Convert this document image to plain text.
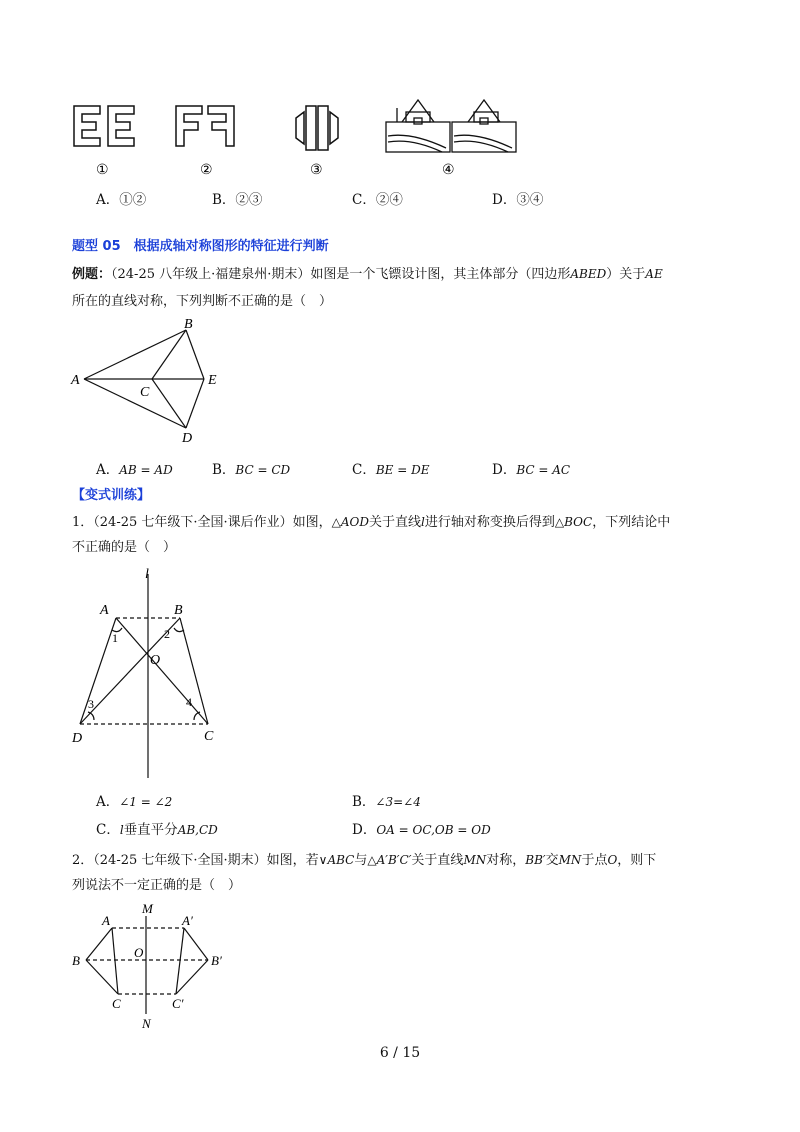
①	②	③	④
A．①②	B．②③	C．②④	D．③④
题型 05　根据成轴对称图形的特征进行判断
例题：（24-25 八年级上·福建泉州·期末）如图是一个飞镖设计图，其主体部分（四边形ABED）关于AE
所在的直线对称，下列判断不正确的是（　）
A
B
C
D
E
A．AB = AD	B．BC = CD	C．BE = DE	D．BC = AC
【变式训练】
1．（24-25 七年级下·全国·课后作业）如图，△AOD关于直线l进行轴对称变换后得到△BOC，下列结论中
不正确的是（　）
l
A	B
O
D	C
1	2
3	4
A．∠1 = ∠2	B．∠3=∠4
C．l垂直平分AB,CD	D．OA = OC,OB = OD
2．（24-25 七年级下·全国·期末）如图，若∨ABC与△A′B′C′关于直线MN对称，BB′交MN于点O，则下
列说法不一定正确的是（　）
M
N
A	A′
B	B′
O
C	C′
6 / 15
